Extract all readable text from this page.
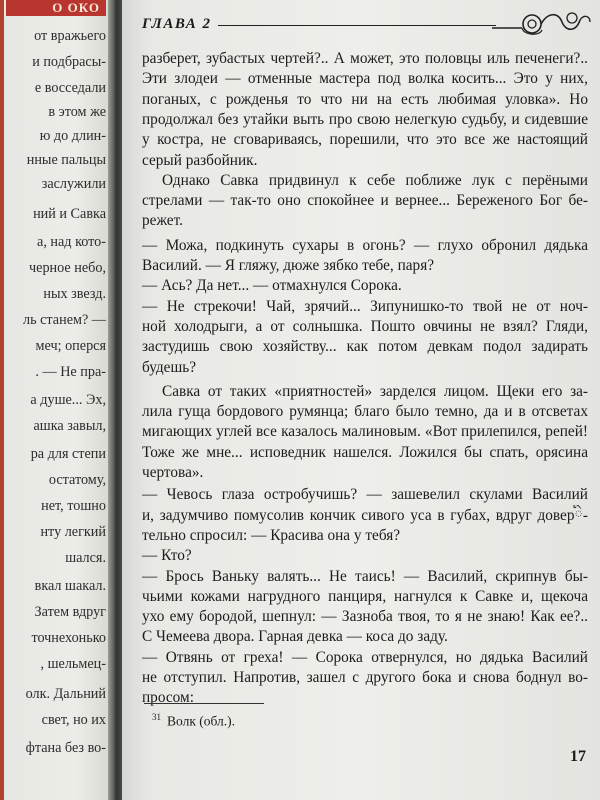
О ОКО
от вражьего
и подбрасы-
е восседали
в этом же
ю до длин-
нные пальцы
заслужили
ний и Савка
а, над кото-
черное небо,
ных звезд.
ль станем? —
меч; оперся
. — Не пра-
а душе... Эх,
ашка завыл,
ра для степи
остатому,
нет, тошно
нту легкий
шался.
вкал шакал.
Затем вдруг
точнехонько
, шельмец-
олк. Дальний
свет, но их
фтана без во-
ГЛАВА 2
разберет, зубастых чертей?.. А может, это половцы иль печенеги?..
Эти злодеи — отменные мастера под волка косить... Это у них,
поганых, с рожденья то что ни на есть любимая уловка». Но
продолжал без утайки выть про свою нелегкую судьбу, и сидевшие
у костра, не сговариваясь, порешили, что это все же настоящий
серый разбойник.
Однако Савка придвинул к себе поближе лук с перёными
стрелами — так-то оно спокойнее и вернее... Береженого Бог бе-
режет.
— Можа, подкинуть сухары в огонь? — глухо обронил дядька
Василий. — Я гляжу, дюже зябко тебе, паря?
— Ась? Да нет... — отмахнулся Сорока.
— Не стрекочи! Чай, зрячий... Зипунишко-то твой не от ноч-
ной холодрыги, а от солнышка. Пошто овчины не взял? Гляди,
застудишь свою хозяйству... как потом девкам подол задирать
будешь?
Савка от таких «приятностей» зарделся лицом. Щеки его за-
лила гуща бордового румянца; благо было темно, да и в отсветах
мигающих углей все казалось малиновым. «Вот прилепился, репей!
Тоже же мне... исповедник нашелся. Ложился бы спать, орясина
чертова».
— Чевось глаза остробучишь? — зашевелил скулами Василий
и, задумчиво помусолив кончик сивого уса в губах, вдруг доверི-
тельно спросил: — Красива она у тебя?
— Кто?
— Брось Ваньку валять... Не таись! — Василий, скрипнув бы-
чьими кожами нагрудного панциря, нагнулся к Савке и, щекоча
ухо ему бородой, шепнул: — Зазноба твоя, то я не знаю! Как ее?..
С Чемеева двора. Гарная девка — коса до заду.
— Отвянь от греха! — Сорока отвернулся, но дядька Василий
не отступил. Напротив, зашел с другого бока и снова боднул во-
просом:
$^{31}$ Волк (обл.).
17
